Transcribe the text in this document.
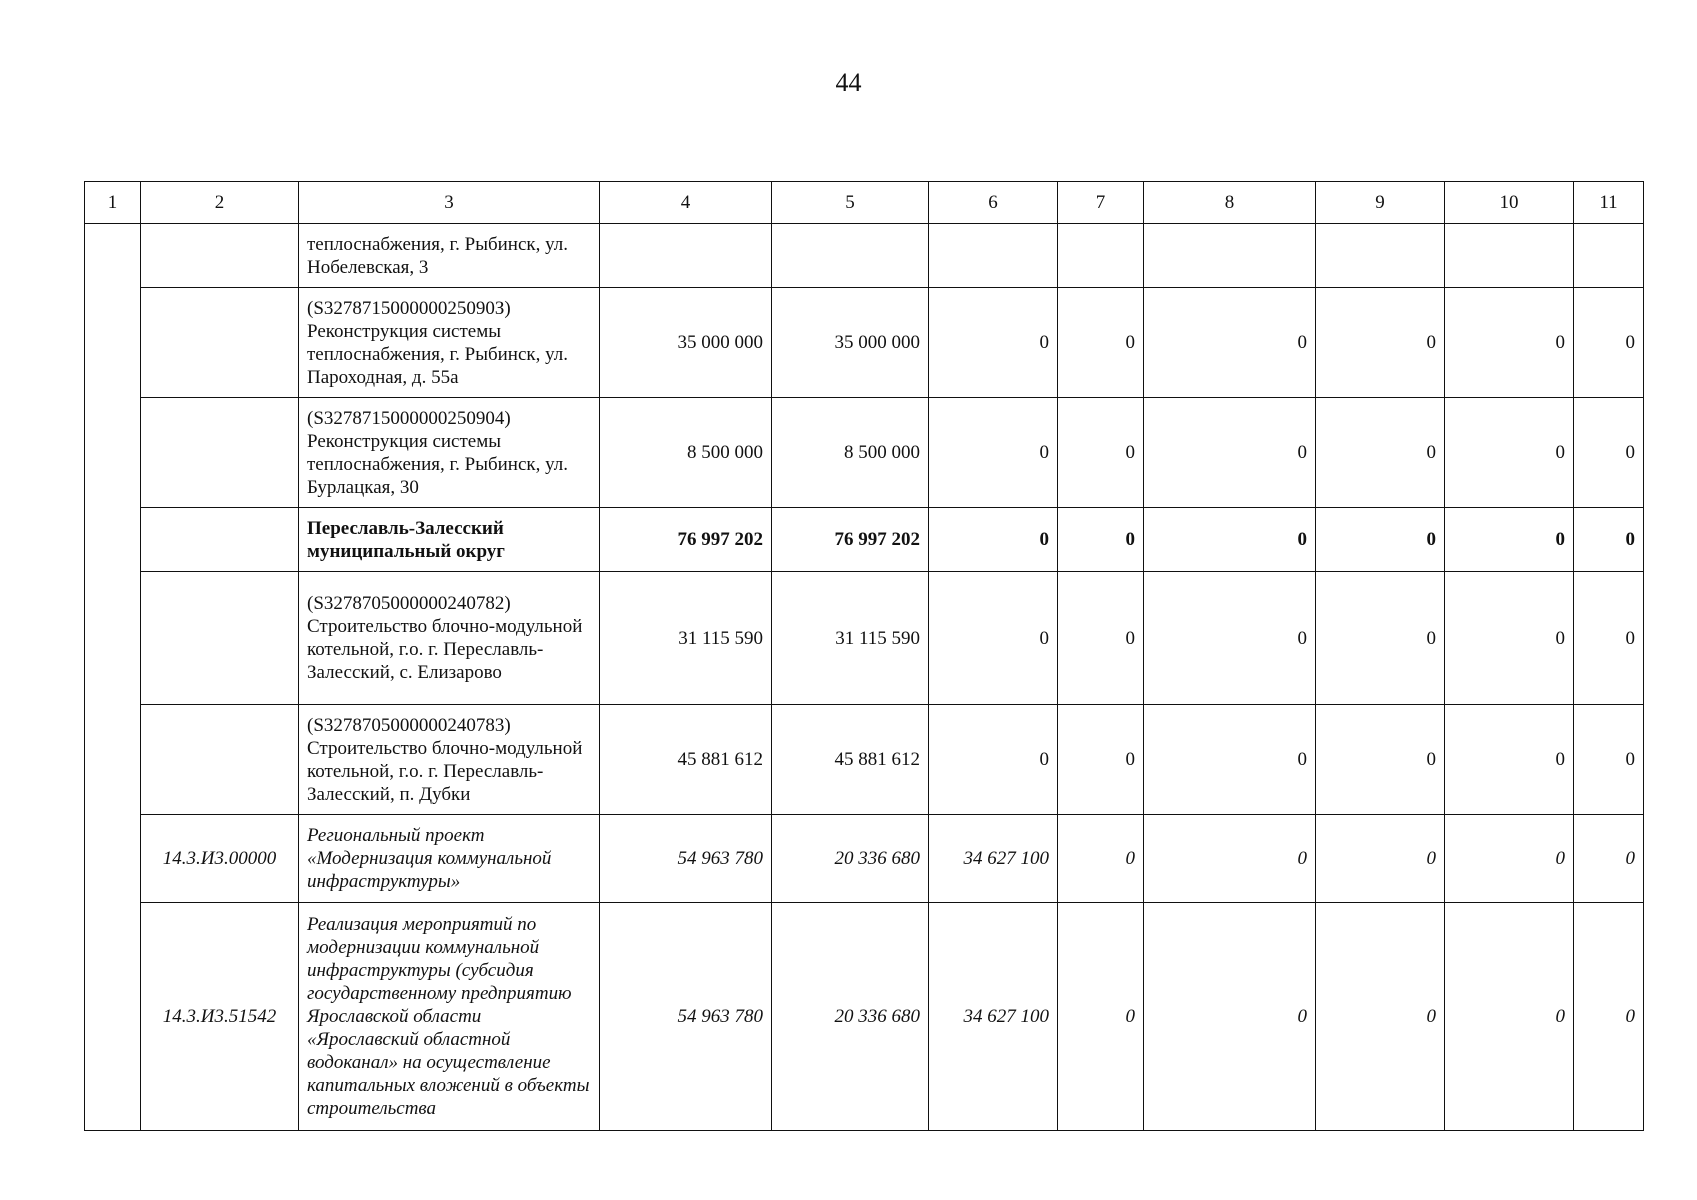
44
1	2	3	4	5	6	7	8	9	10	11
		теплоснабжения, г. Рыбинск, ул. Нобелевская, 3								
		(S327871500000025090З) Реконструкция системы теплоснабжения, г. Рыбинск, ул. Пароходная, д. 55а	35 000 000	35 000 000	0	0	0	0	0	0
		(S3278715000000250904) Реконструкция системы теплоснабжения, г. Рыбинск, ул. Бурлацкая, 30	8 500 000	8 500 000	0	0	0	0	0	0
		Переславль-Залесский муниципальный округ	76 997 202	76 997 202	0	0	0	0	0	0
		(S3278705000000240782) Строительство блочно-модульной котельной, г.о. г. Переславль-Залесский, с. Елизарово	31 115 590	31 115 590	0	0	0	0	0	0
		(S3278705000000240783) Строительство блочно-модульной котельной, г.о. г. Переславль-Залесский, п. Дубки	45 881 612	45 881 612	0	0	0	0	0	0
	14.3.И3.00000	Региональный проект «Модернизация коммунальной инфраструктуры»	54 963 780	20 336 680	34 627 100	0	0	0	0	0
	14.3.И3.51542	Реализация мероприятий по модернизации коммунальной инфраструктуры (субсидия государственному предприятию Ярославской области «Ярославский областной водоканал» на осуществление капитальных вложений в объекты строительства	54 963 780	20 336 680	34 627 100	0	0	0	0	0
